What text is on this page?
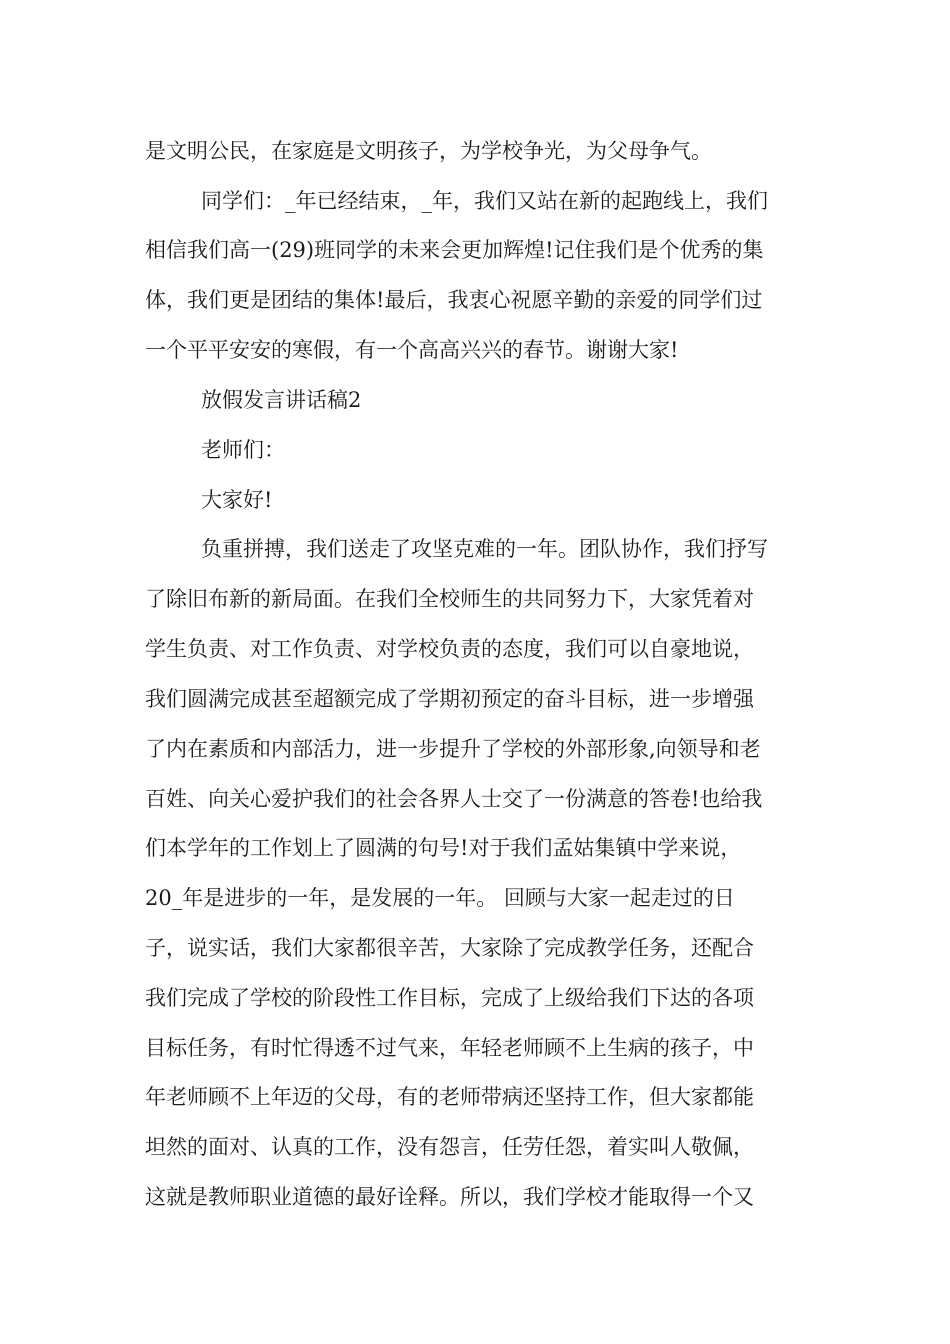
是文明公民，在家庭是文明孩子，为学校争光，为父母争气。
同学们：_年已经结束，_年，我们又站在新的起跑线上，我们
相信我们高一(29)班同学的未来会更加辉煌!记住我们是个优秀的集
体，我们更是团结的集体!最后，我衷心祝愿辛勤的亲爱的同学们过
一个平平安安的寒假，有一个高高兴兴的春节。谢谢大家!
放假发言讲话稿2
老师们：
大家好!
负重拼搏，我们送走了攻坚克难的一年。团队协作，我们抒写
了除旧布新的新局面。在我们全校师生的共同努力下，大家凭着对
学生负责、对工作负责、对学校负责的态度，我们可以自豪地说，
我们圆满完成甚至超额完成了学期初预定的奋斗目标，进一步增强
了内在素质和内部活力，进一步提升了学校的外部形象,向领导和老
百姓、向关心爱护我们的社会各界人士交了一份满意的答卷!也给我
们本学年的工作划上了圆满的句号!对于我们孟姑集镇中学来说，
20_年是进步的一年，是发展的一年。 回顾与大家一起走过的日
子，说实话，我们大家都很辛苦，大家除了完成教学任务，还配合
我们完成了学校的阶段性工作目标，完成了上级给我们下达的各项
目标任务，有时忙得透不过气来，年轻老师顾不上生病的孩子，中
年老师顾不上年迈的父母，有的老师带病还坚持工作，但大家都能
坦然的面对、认真的工作，没有怨言，任劳任怨，着实叫人敬佩，
这就是教师职业道德的最好诠释。所以，我们学校才能取得一个又
